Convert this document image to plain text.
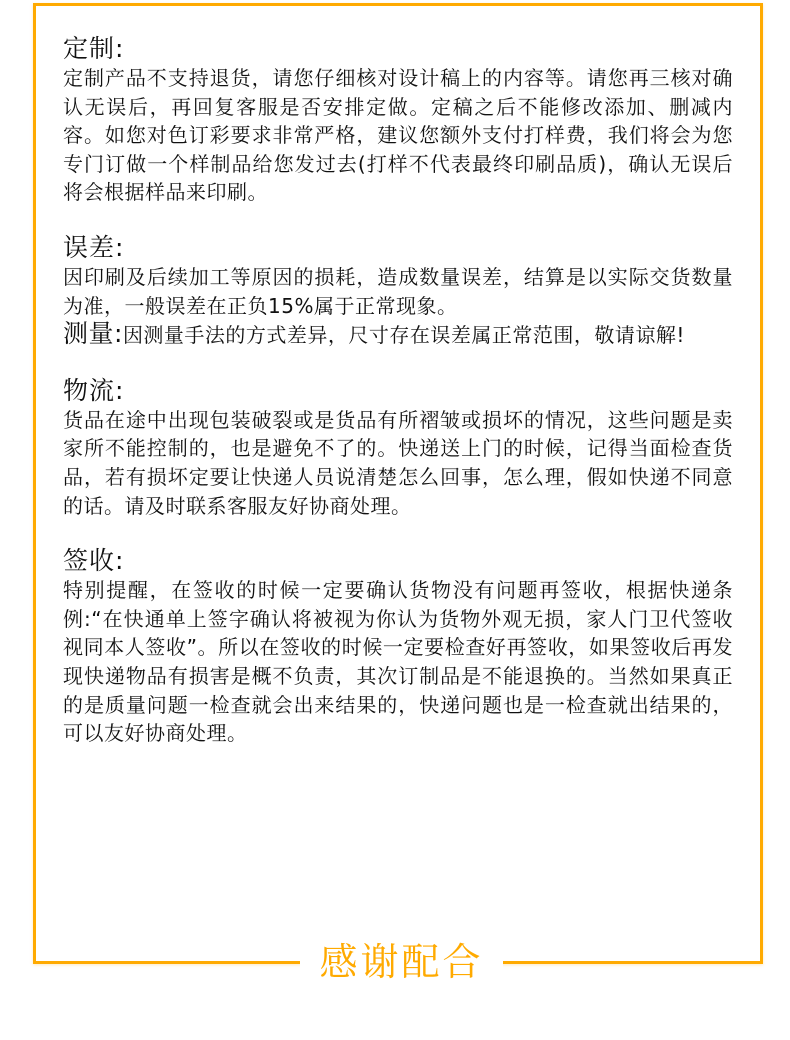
定制:

定制产品不支持退货，请您仔细核对设计稿上的内容等。请您再三核对确认无误后，再回复客服是否安排定做。定稿之后不能修改添加、删减内容。如您对色订彩要求非常严格，建议您额外支付打样费，我们将会为您专门订做一个样制品给您发过去(打样不代表最终印刷品质)，确认无误后将会根据样品来印刷。

误差:

因印刷及后续加工等原因的损耗，造成数量误差，结算是以实际交货数量为准，一般误差在正负15%属于正常现象。

测量:因测量手法的方式差异，尺寸存在误差属正常范围，敬请谅解!

物流:

货品在途中出现包装破裂或是货品有所褶皱或损坏的情况，这些问题是卖家所不能控制的，也是避免不了的。快递送上门的时候，记得当面检查货品，若有损坏定要让快递人员说清楚怎么回事，怎么理，假如快递不同意的话。请及时联系客服友好协商处理。

签收:

特别提醒，在签收的时候一定要确认货物没有问题再签收，根据快递条例:“在快通单上签字确认将被视为你认为货物外观无损，家人门卫代签收视同本人签收”。所以在签收的时候一定要检查好再签收，如果签收后再发现快递物品有损害是概不负责，其次订制品是不能退换的。当然如果真正的是质量问题一检查就会出来结果的，快递问题也是一检查就出结果的，可以友好协商处理。

感谢配合
